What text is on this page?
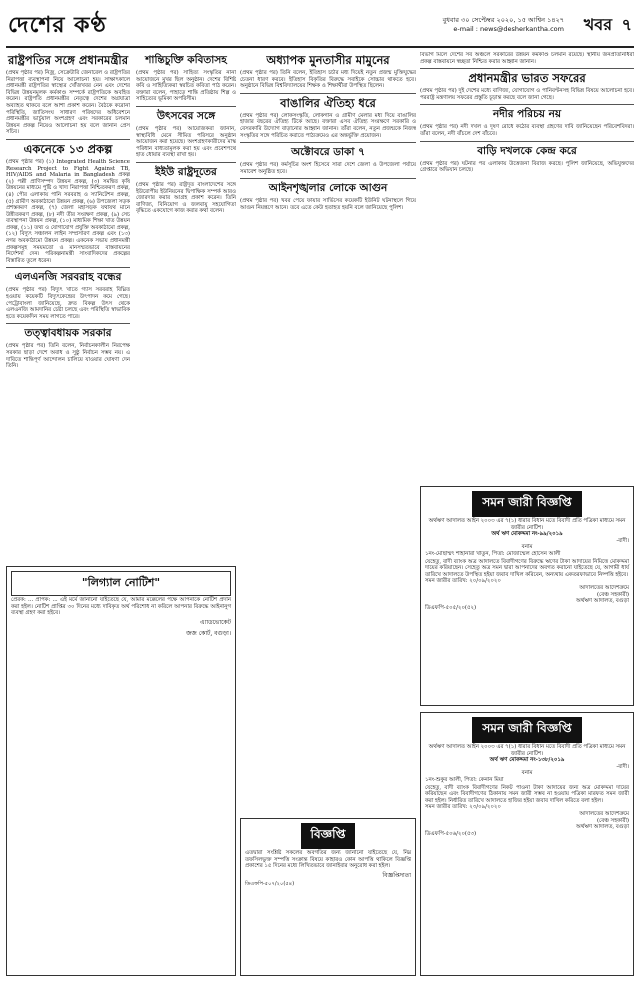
দেশের কণ্ঠ	বুধবার ৩০ সেপ্টেম্বর ২০২০, ১৫ আশ্বিন ১৪২৭
e-mail : news@desherkantha.com খবর ৭
রাষ্ট্রপতির সঙ্গে প্রধানমন্ত্রীর

(প্রথম পৃষ্ঠার পর) নিজ্র, সেক্রেটারি জেনারেল ও রাষ্ট্রপতির নিরাপত্তা ব্যবস্থাপনা নিয়ে আলোচনা হয়। সাক্ষাৎকালে প্রধানমন্ত্রী রাষ্ট্রপতির স্বাস্থ্যের খোঁজখবর নেন এবং দেশের বিভিন্ন উন্নয়নমূলক কর্মকাণ্ড সম্পর্কে রাষ্ট্রপতিকে অবহিত করেন। রাষ্ট্রপতি প্রধানমন্ত্রীর নেতৃত্বে দেশের অগ্রযাত্রা অব্যাহত থাকবে বলে আশা প্রকাশ করেন। বৈঠকে করোনা পরিস্থিতি, জাতিসংঘ সাধারণ পরিষদের অধিবেশনে প্রধানমন্ত্রীর ভার্চুয়াল অংশগ্রহণ এবং সরকারের চলমান উন্নয়ন প্রকল্প নিয়েও আলোচনা হয় বলে জানান প্রেস সচিব।

একনেকে ১৩ প্রকল্প

(প্রথম পৃষ্ঠার পর) (১) Integrated Health Science Research Project to Fight Against TB, HIV/AIDS and Malaria in Bangladesh প্রকল্প (২) পল্লী প্রাণিসম্পদ উন্নয়ন প্রকল্প, (৩) সমন্বিত কৃষি উন্নয়নের মাধ্যমে পুষ্টি ও খাদ্য নিরাপত্তা নিশ্চিতকরণ প্রকল্প, (৪) পৌর এলাকায় পানি সরবরাহ ও স্যানিটেশন প্রকল্প, (৫) গ্রামীণ অবকাঠামো উন্নয়ন প্রকল্প, (৬) উপজেলা সড়ক প্রশস্তকরণ প্রকল্প, (৭) জেলা মহাসড়ক যথাযথ মানে উন্নীতকরণ প্রকল্প, (৮) নদী তীর সংরক্ষণ প্রকল্প, (৯) সেচ ব্যবস্থাপনা উন্নয়ন প্রকল্প, (১০) মাধ্যমিক শিক্ষা খাত উন্নয়ন প্রকল্প, (১১) তথ্য ও যোগাযোগ প্রযুক্তি অবকাঠামো প্রকল্প, (১২) বিদ্যুৎ সঞ্চালন লাইন সম্প্রসারণ প্রকল্প এবং (১৩) নগর অবকাঠামো উন্নয়ন প্রকল্প। একনেক সভায় প্রধানমন্ত্রী প্রকল্পসমূহ সময়মতো ও মানসম্মতভাবে বাস্তবায়নের নির্দেশনা দেন। পরিকল্পনামন্ত্রী সাংবাদিকদের প্রকল্পের বিস্তারিত তুলে ধরেন।

এলএনজি সরবরাহ বন্ধের

(প্রথম পৃষ্ঠার পর) বিদ্যুৎ খাতে গ্যাস সরবরাহ বিঘ্নিত হওয়ায় কয়েকটি বিদ্যুৎকেন্দ্রের উৎপাদন কমে গেছে। পেট্রোবাংলা জানিয়েছে, দ্রুত বিকল্প উৎস থেকে এলএনজি আমদানির চেষ্টা চলছে এবং পরিস্থিতি স্বাভাবিক হতে কয়েকদিন সময় লাগতে পারে।

তত্ত্বাবধায়ক সরকার

(প্রথম পৃষ্ঠার পর) তিনি বলেন, নির্বাচনকালীন নিরপেক্ষ সরকার ছাড়া দেশে অবাধ ও সুষ্ঠু নির্বাচন সম্ভব নয়। এ দাবিতে শান্তিপূর্ণ আন্দোলন চালিয়ে যাওয়ার ঘোষণা দেন তিনি।

শান্তিচুক্তি কবিতাসহ

(প্রথম পৃষ্ঠার পর) সাহিত্য সংস্কৃতির নানা আয়োজনে মুখর ছিল অনুষ্ঠান। দেশের বিশিষ্ট কবি ও সাহিত্যিকরা স্বরচিত কবিতা পাঠ করেন। বক্তারা বলেন, পাহাড়ে শান্তি প্রতিষ্ঠায় শিল্প ও সাহিত্যের ভূমিকা অপরিসীম।

উৎসবের সঙ্গে

(প্রথম পৃষ্ঠার পর) আয়োজকরা জানান, স্বাস্থ্যবিধি মেনে সীমিত পরিসরে অনুষ্ঠান আয়োজন করা হয়েছে। অংশগ্রহণকারীদের মাস্ক পরিধান বাধ্যতামূলক করা হয় এবং প্রবেশপথে হাত ধোয়ার ব্যবস্থা রাখা হয়।

ইইউ রাষ্ট্রদূতের

(প্রথম পৃষ্ঠার পর) রাষ্ট্রদূত বাংলাদেশের সঙ্গে ইউরোপীয় ইউনিয়নের দ্বিপাক্ষিক সম্পর্ক আরও জোরদার করার আগ্রহ প্রকাশ করেন। তিনি বাণিজ্য, বিনিয়োগ ও জলবায়ু সহযোগিতা বৃদ্ধিতে একযোগে কাজ করার কথা বলেন।

অধ্যাপক মুনতাসীর মামুনের

(প্রথম পৃষ্ঠার পর) তিনি বলেন, ইতিহাস চর্চার মধ্য দিয়েই নতুন প্রজন্ম মুক্তিযুদ্ধের চেতনা ধারণ করবে। ইতিহাস বিকৃতির বিরুদ্ধে সবাইকে সোচ্চার থাকতে হবে। অনুষ্ঠানে বিভিন্ন বিশ্ববিদ্যালয়ের শিক্ষক ও শিক্ষার্থীরা উপস্থিত ছিলেন।

বাঙালির ঐতিহ্য ধরে

(প্রথম পৃষ্ঠার পর) লোকসংস্কৃতি, লোকগান ও গ্রামীণ মেলার মধ্য দিয়ে বাঙালির হাজার বছরের ঐতিহ্য টিকে আছে। বক্তারা এসব ঐতিহ্য সংরক্ষণে সরকারি ও বেসরকারি উদ্যোগ বাড়ানোর আহ্বান জানান। তাঁরা বলেন, নতুন প্রজন্মকে নিজস্ব সংস্কৃতির সঙ্গে পরিচিত করাতে পাঠ্যক্রমেও এর অন্তর্ভুক্তি প্রয়োজন।

অক্টোবরে ডাকা ৭

(প্রথম পৃষ্ঠার পর) কর্মসূচির অংশ হিসেবে সারা দেশে জেলা ও উপজেলা পর্যায়ে সমাবেশ অনুষ্ঠিত হবে।

আইনশৃঙ্খলার লোকে আগুন

(প্রথম পৃষ্ঠার পর) খবর পেয়ে ফায়ার সার্ভিসের কয়েকটি ইউনিট ঘটনাস্থলে গিয়ে আগুন নিয়ন্ত্রণে আনে। তবে এতে কেউ হতাহত হয়নি বলে জানিয়েছে পুলিশ।

বিভাগ মিলে দেশের সব অঞ্চলে সরকারের উন্নয়ন কর্মকাণ্ড চলমান রয়েছে। স্থানীয় জনপ্রতিনিধিরা প্রকল্প বাস্তবায়নে স্বচ্ছতা নিশ্চিত করার আহ্বান জানান।

প্রধানমন্ত্রীর ভারত সফরের

(প্রথম পৃষ্ঠার পর) দুই দেশের মধ্যে বাণিজ্য, যোগাযোগ ও পানিবণ্টনসহ বিভিন্ন বিষয়ে আলোচনা হবে। পররাষ্ট্র মন্ত্রণালয় সফরের প্রস্তুতি চূড়ান্ত করছে বলে জানা গেছে।

নদীর পরিচয় নয়

(প্রথম পৃষ্ঠার পর) নদী দখল ও দূষণ রোধে কঠোর ব্যবস্থা গ্রহণের দাবি জানিয়েছেন পরিবেশবিদরা। তাঁরা বলেন, নদী বাঁচলে দেশ বাঁচবে।

বাড়ি দখলকে কেন্দ্র করে

(প্রথম পৃষ্ঠার পর) ঘটনার পর এলাকায় উত্তেজনা বিরাজ করছে। পুলিশ জানিয়েছে, অভিযুক্তদের গ্রেপ্তারে অভিযান চলছে।

"লিগ্যাল নোটিশ"

প্রেরক: ... প্রাপক: ... এই মর্মে জানানো যাইতেছে যে, আমার মক্কেলের পক্ষে আপনাকে নোটিশ প্রদান করা হইল। নোটিশ প্রাপ্তির ৩০ দিনের মধ্যে দাবিকৃত অর্থ পরিশোধ না করিলে আপনার বিরুদ্ধে আইনানুগ ব্যবস্থা গ্রহণ করা হইবে।

এ্যাডভোকেট
জজ কোর্ট, বগুড়া।
বিজ্ঞপ্তি

এতদ্বারা সংশ্লিষ্ট সকলের অবগতির জন্য জানানো যাইতেছে যে, নিম্ন তফসিলভুক্ত সম্পত্তি সংক্রান্ত বিষয়ে কাহারও কোন আপত্তি থাকিলে বিজ্ঞপ্তি প্রকাশের ১৫ দিনের মধ্যে লিখিতভাবে জানাইবার অনুরোধ করা হইল।

বিজ্ঞপ্তিদাতা
ডিএফপি-৫০৭/২০(৫৪)
সমন জারী বিজ্ঞপ্তি

অর্থঋণ আদালত আইন ২০০৩ এর ৭(১) ধারার বিধান মতে বিবাদী প্রতি পত্রিকা মাধ্যমে সমন জারীর নোটিশ।

অর্থ ঋণ মোকদ্দমা নং-৯৯/২০১৯

-বাদী।

বনাম

১নং-মোছাম্মৎ শাহানারা খাতুন, পিতা: মোজাম্মেল হোসেন আলী

যেহেতু, বাদী ব্যাংক অত্র আদালতে বিবাদীগণের বিরুদ্ধে ঋণের টাকা আদায়ের নিমিত্তে মোকদ্দমা দায়ের করিয়াছেন। সেহেতু অত্র সমন দ্বারা আপনাদের অবগত করানো যাইতেছে যে, আগামী ধার্য তারিখে আদালতে উপস্থিত হইয়া জবাব দাখিল করিবেন, অন্যথায় একতরফাভাবে নিষ্পত্তি হইবে।

সমন জারীর তারিখ: ২০/০৯/২০২০

আদালতের আদেশক্রমে

(বেঞ্চ সহকারী)

অর্থঋণ আদালত, বগুড়া

ডিএফপি-৫০৫/২০(৫২)

সমন জারী বিজ্ঞপ্তি

অর্থঋণ আদালত আইন ২০০৩ এর ৭(১) ধারার বিধান মতে বিবাদী প্রতি পত্রিকা মাধ্যমে সমন জারীর নোটিশ।

অর্থ ঋণ মোকদ্দমা নং-১৩৮/২০১৯

-বাদী।

বনাম

১নং-শুকুর আলী, পিতা: কেনান মিয়া

যেহেতু, বাদী ব্যাংক বিবাদীগণের নিকট পাওনা টাকা আদায়ের জন্য অত্র মোকদ্দমা দায়ের করিয়াছেন এবং বিবাদীগণের ঠিকানায় সমন জারী সম্ভব না হওয়ায় পত্রিকা মারফত সমন জারী করা হইল। নির্ধারিত তারিখে আদালতে হাজির হইয়া জবাব দাখিল করিতে বলা হইল।

সমন জারীর তারিখ: ২৩/০৯/২০২০

আদালতের আদেশক্রমে

(বেঞ্চ সহকারী)

অর্থঋণ আদালত, বগুড়া

ডিএফপি-৫০৬/২০(৫৩)
